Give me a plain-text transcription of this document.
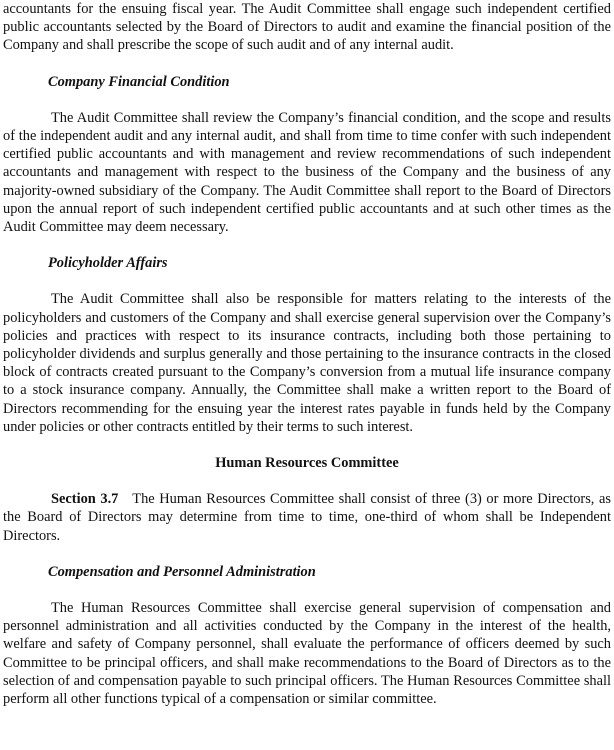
accountants for the ensuing fiscal year. The Audit Committee shall engage such independent certified public accountants selected by the Board of Directors to audit and examine the financial position of the Company and shall prescribe the scope of such audit and of any internal audit.

Company Financial Condition

The Audit Committee shall review the Company’s financial condition, and the scope and results of the independent audit and any internal audit, and shall from time to time confer with such independent certified public accountants and with management and review recommendations of such independent accountants and management with respect to the business of the Company and the business of any majority-owned subsidiary of the Company. The Audit Committee shall report to the Board of Directors upon the annual report of such independent certified public accountants and at such other times as the Audit Committee may deem necessary.

Policyholder Affairs

The Audit Committee shall also be responsible for matters relating to the interests of the policyholders and customers of the Company and shall exercise general supervision over the Company’s policies and practices with respect to its insurance contracts, including both those pertaining to policyholder dividends and surplus generally and those pertaining to the insurance contracts in the closed block of contracts created pursuant to the Company’s conversion from a mutual life insurance company to a stock insurance company. Annually, the Committee shall make a written report to the Board of Directors recommending for the ensuing year the interest rates payable in funds held by the Company under policies or other contracts entitled by their terms to such interest.

Human Resources Committee

Section 3.7 The Human Resources Committee shall consist of three (3) or more Directors, as the Board of Directors may determine from time to time, one-third of whom shall be Independent Directors.

Compensation and Personnel Administration

The Human Resources Committee shall exercise general supervision of compensation and personnel administration and all activities conducted by the Company in the interest of the health, welfare and safety of Company personnel, shall evaluate the performance of officers deemed by such Committee to be principal officers, and shall make recommendations to the Board of Directors as to the selection of and compensation payable to such principal officers. The Human Resources Committee shall perform all other functions typical of a compensation or similar committee.
